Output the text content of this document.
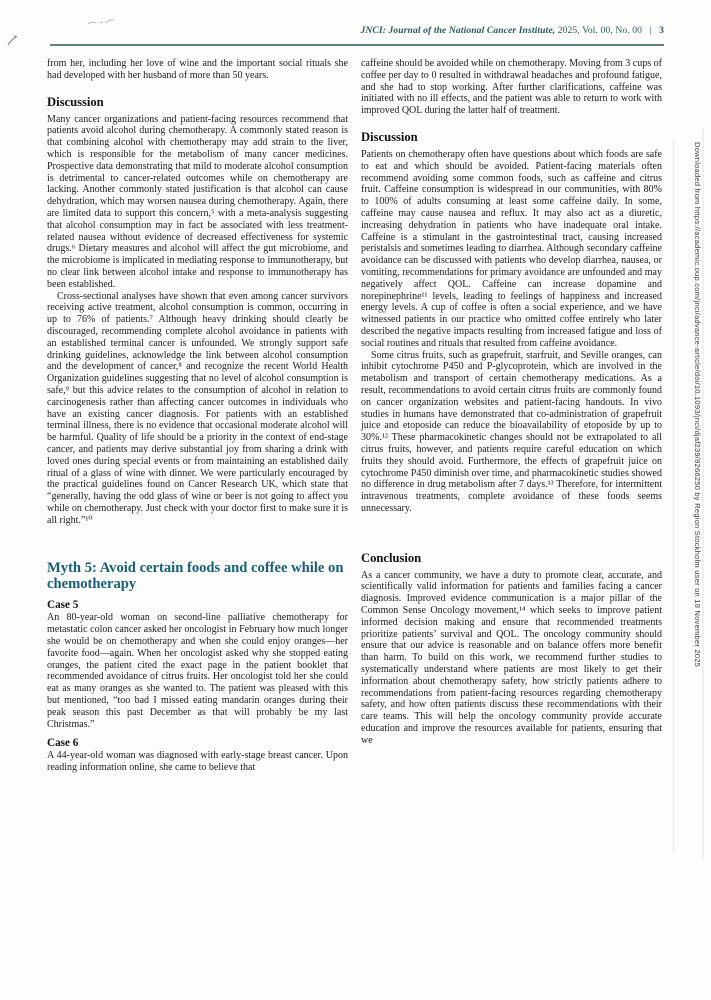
JNCI: Journal of the National Cancer Institute, 2025, Vol. 00, No. 00 | 3

from her, including her love of wine and the important social rituals she had developed with her husband of more than 50 years.

Discussion

Many cancer organizations and patient-facing resources recommend that patients avoid alcohol during chemotherapy. A commonly stated reason is that combining alcohol with chemotherapy may add strain to the liver, which is responsible for the metabolism of many cancer medicines. Prospective data demonstrating that mild to moderate alcohol consumption is detrimental to cancer-related outcomes while on chemotherapy are lacking. Another commonly stated justification is that alcohol can cause dehydration, which may worsen nausea during chemotherapy. Again, there are limited data to support this concern,⁵ with a meta-analysis suggesting that alcohol consumption may in fact be associated with less treatment-related nausea without evidence of decreased effectiveness for systemic drugs.⁶ Dietary measures and alcohol will affect the gut microbiome, and the microbiome is implicated in mediating response to immunotherapy, but no clear link between alcohol intake and response to immunotherapy has been established.

Cross-sectional analyses have shown that even among cancer survivors receiving active treatment, alcohol consumption is common, occurring in up to 76% of patients.⁷ Although heavy drinking should clearly be discouraged, recommending complete alcohol avoidance in patients with an established terminal cancer is unfounded. We strongly support safe drinking guidelines, acknowledge the link between alcohol consumption and the development of cancer,⁸ and recognize the recent World Health Organization guidelines suggesting that no level of alcohol consumption is safe,⁹ but this advice relates to the consumption of alcohol in relation to carcinogenesis rather than affecting cancer outcomes in individuals who have an existing cancer diagnosis. For patients with an established terminal illness, there is no evidence that occasional moderate alcohol will be harmful. Quality of life should be a priority in the context of end-stage cancer, and patients may derive substantial joy from sharing a drink with loved ones during special events or from maintaining an established daily ritual of a glass of wine with dinner. We were particularly encouraged by the practical guidelines found on Cancer Research UK, which state that “generally, having the odd glass of wine or beer is not going to affect you while on chemotherapy. Just check with your doctor first to make sure it is all right.”¹⁰

Myth 5: Avoid certain foods and coffee while on chemotherapy
Case 5

An 80-year-old woman on second-line palliative chemotherapy for metastatic colon cancer asked her oncologist in February how much longer she would be on chemotherapy and when she could enjoy oranges—her favorite food—again. When her oncologist asked why she stopped eating oranges, the patient cited the exact page in the patient booklet that recommended avoidance of citrus fruits. Her oncologist told her she could eat as many oranges as she wanted to. The patient was pleased with this but mentioned, “too bad I missed eating mandarin oranges during their peak season this past December as that will probably be my last Christmas.”

Case 6

A 44-year-old woman was diagnosed with early-stage breast cancer. Upon reading information online, she came to believe that

caffeine should be avoided while on chemotherapy. Moving from 3 cups of coffee per day to 0 resulted in withdrawal headaches and profound fatigue, and she had to stop working. After further clarifications, caffeine was initiated with no ill effects, and the patient was able to return to work with improved QOL during the latter half of treatment.

Discussion

Patients on chemotherapy often have questions about which foods are safe to eat and which should be avoided. Patient-facing materials often recommend avoiding some common foods, such as caffeine and citrus fruit. Caffeine consumption is widespread in our communities, with 80% to 100% of adults consuming at least some caffeine daily. In some, caffeine may cause nausea and reflux. It may also act as a diuretic, increasing dehydration in patients who have inadequate oral intake. Caffeine is a stimulant in the gastrointestinal tract, causing increased peristalsis and sometimes leading to diarrhea. Although secondary caffeine avoidance can be discussed with patients who develop diarrhea, nausea, or vomiting, recommendations for primary avoidance are unfounded and may negatively affect QOL. Caffeine can increase dopamine and norepinephrine¹¹ levels, leading to feelings of happiness and increased energy levels. A cup of coffee is often a social experience, and we have witnessed patients in our practice who omitted coffee entirely who later described the negative impacts resulting from increased fatigue and loss of social routines and rituals that resulted from caffeine avoidance.

Some citrus fruits, such as grapefruit, starfruit, and Seville oranges, can inhibit cytochrome P450 and P-glycoprotein, which are involved in the metabolism and transport of certain chemotherapy medications. As a result, recommendations to avoid certain citrus fruits are commonly found on cancer organization websites and patient-facing handouts. In vivo studies in humans have demonstrated that co-administration of grapefruit juice and etoposide can reduce the bioavailability of etoposide by up to 30%.¹² These pharmacokinetic changes should not be extrapolated to all citrus fruits, however, and patients require careful education on which fruits they should avoid. Furthermore, the effects of grapefruit juice on cytochrome P450 diminish over time, and pharmacokinetic studies showed no difference in drug metabolism after 7 days.¹³ Therefore, for intermittent intravenous treatments, complete avoidance of these foods seems unnecessary.

Conclusion

As a cancer community, we have a duty to promote clear, accurate, and scientifically valid information for patients and families facing a cancer diagnosis. Improved evidence communication is a major pillar of the Common Sense Oncology movement,¹⁴ which seeks to improve patient informed decision making and ensure that recommended treatments prioritize patients’ survival and QOL. The oncology community should ensure that our advice is reasonable and on balance offers more benefit than harm. To build on this work, we recommend further studies to systematically understand where patients are most likely to get their information about chemotherapy safety, how strictly patients adhere to recommendations from patient-facing resources regarding chemotherapy safety, and how often patients discuss these recommendations with their care teams. This will help the oncology community provide accurate education and improve the resources available for patients, ensuring that we

Downloaded from https://academic.oup.com/jnci/advance-article/doi/10.1093/jnci/djaf239/8266250 by Region Stockholm user on 18 November 2025
